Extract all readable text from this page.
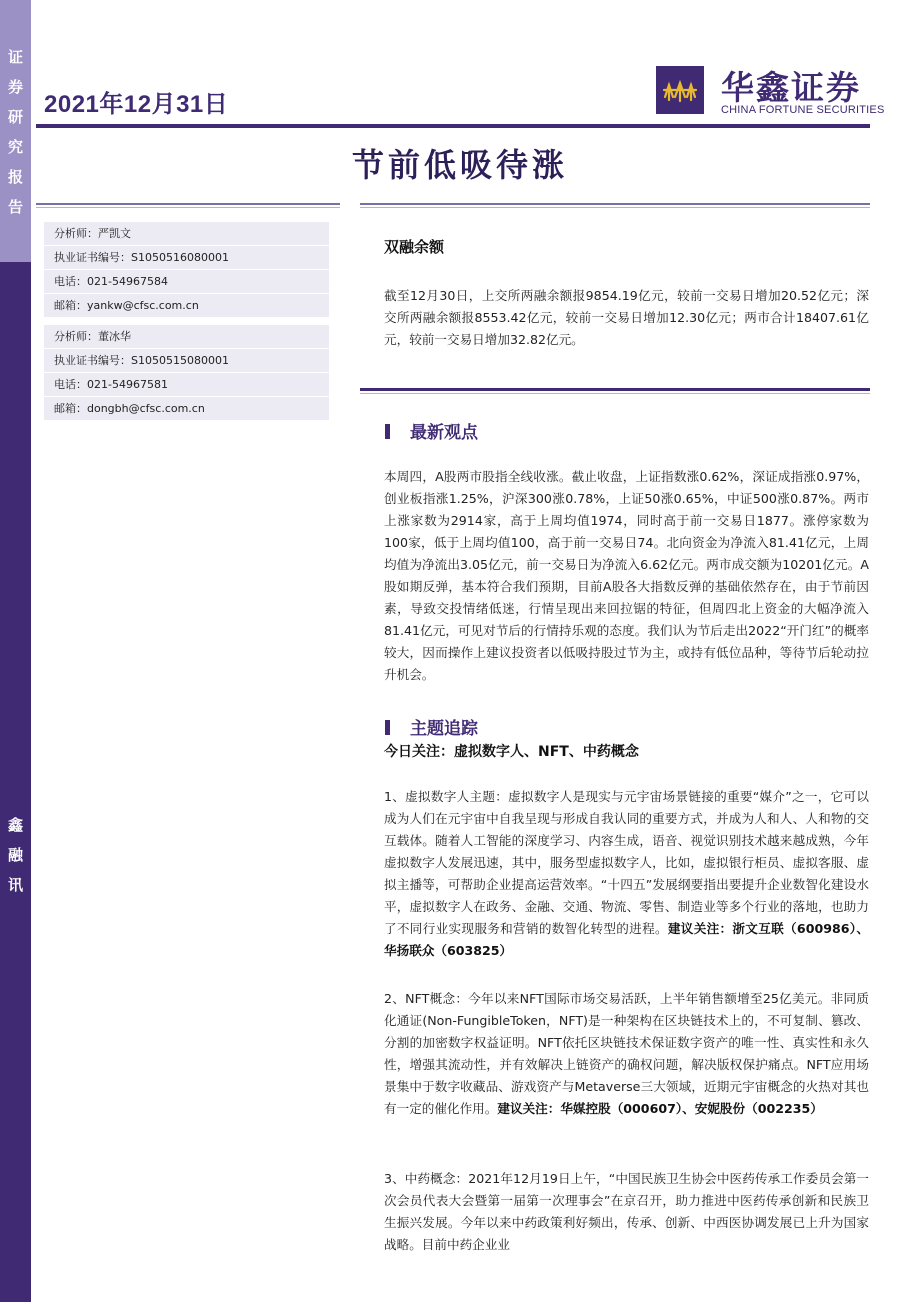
证
券
研
究
报
告
鑫
融
讯
2021年12月31日	华鑫证券
CHINA FORTUNE SECURITIES
节前低吸待涨
分析师：严凯文
执业证书编号：S1050516080001
电话：021-54967584
邮箱：yankw@cfsc.com.cn
分析师：董冰华
执业证书编号：S1050515080001
电话：021-54967581
邮箱：dongbh@cfsc.com.cn
双融余额
截至12月30日，上交所两融余额报9854.19亿元，较前一交易日增加20.52亿元；深交所两融余额报8553.42亿元，较前一交易日增加12.30亿元；两市合计18407.61亿元，较前一交易日增加32.82亿元。
最新观点
本周四，A股两市股指全线收涨。截止收盘，上证指数涨0.62%，深证成指涨0.97%，创业板指涨1.25%，沪深300涨0.78%，上证50涨0.65%，中证500涨0.87%。两市上涨家数为2914家，高于上周均值1974，同时高于前一交易日1877。涨停家数为100家，低于上周均值100，高于前一交易日74。北向资金为净流入81.41亿元，上周均值为净流出3.05亿元，前一交易日为净流入6.62亿元。两市成交额为10201亿元。A股如期反弹，基本符合我们预期，目前A股各大指数反弹的基础依然存在，由于节前因素，导致交投情绪低迷，行情呈现出来回拉锯的特征，但周四北上资金的大幅净流入81.41亿元，可见对节后的行情持乐观的态度。我们认为节后走出2022“开门红”的概率较大，因而操作上建议投资者以低吸持股过节为主，或持有低位品种，等待节后轮动拉升机会。
主题追踪
今日关注：虚拟数字人、NFT、中药概念
1、虚拟数字人主题：虚拟数字人是现实与元宇宙场景链接的重要“媒介”之一，它可以成为人们在元宇宙中自我呈现与形成自我认同的重要方式，并成为人和人、人和物的交互载体。随着人工智能的深度学习、内容生成，语音、视觉识别技术越来越成熟，今年虚拟数字人发展迅速，其中，服务型虚拟数字人，比如，虚拟银行柜员、虚拟客服、虚拟主播等，可帮助企业提高运营效率。“十四五”发展纲要指出要提升企业数智化建设水平，虚拟数字人在政务、金融、交通、物流、零售、制造业等多个行业的落地，也助力了不同行业实现服务和营销的数智化转型的进程。建议关注：浙文互联（600986）、华扬联众（603825）
2、NFT概念：今年以来NFT国际市场交易活跃，上半年销售额增至25亿美元。非同质化通证(Non-FungibleToken，NFT)是一种架构在区块链技术上的，不可复制、篡改、分割的加密数字权益证明。NFT依托区块链技术保证数字资产的唯一性、真实性和永久性，增强其流动性，并有效解决上链资产的确权问题，解决版权保护痛点。NFT应用场景集中于数字收藏品、游戏资产与Metaverse三大领域，近期元宇宙概念的火热对其也有一定的催化作用。建议关注：华媒控股（000607）、安妮股份（002235）
3、中药概念：2021年12月19日上午，“中国民族卫生协会中医药传承工作委员会第一次会员代表大会暨第一届第一次理事会”在京召开，助力推进中医药传承创新和民族卫生振兴发展。今年以来中药政策利好频出，传承、创新、中西医协调发展已上升为国家战略。目前中药企业业
